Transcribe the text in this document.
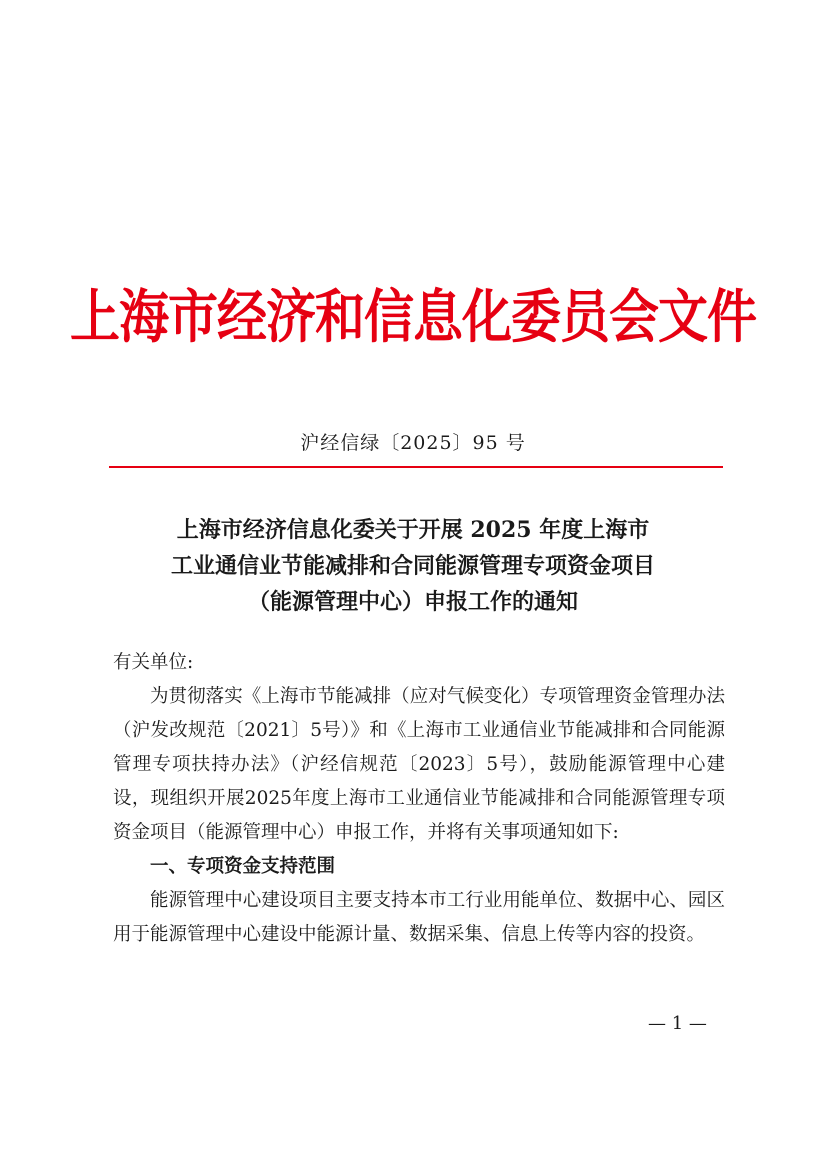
上海市经济和信息化委员会文件
沪经信绿〔2025〕95 号
上海市经济信息化委关于开展 2025 年度上海市
工业通信业节能减排和合同能源管理专项资金项目
（能源管理中心）申报工作的通知

有关单位:

为贯彻落实《上海市节能减排（应对气候变化）专项管理资金管理办法（沪发改规范〔2021〕5号）》和《上海市工业通信业节能减排和合同能源管理专项扶持办法》（沪经信规范〔2023〕5号），鼓励能源管理中心建设，现组织开展2025年度上海市工业通信业节能减排和合同能源管理专项资金项目（能源管理中心）申报工作，并将有关事项通知如下:

一、专项资金支持范围

能源管理中心建设项目主要支持本市工行业用能单位、数据中心、园区用于能源管理中心建设中能源计量、数据采集、信息上传等内容的投资。

— 1 —
